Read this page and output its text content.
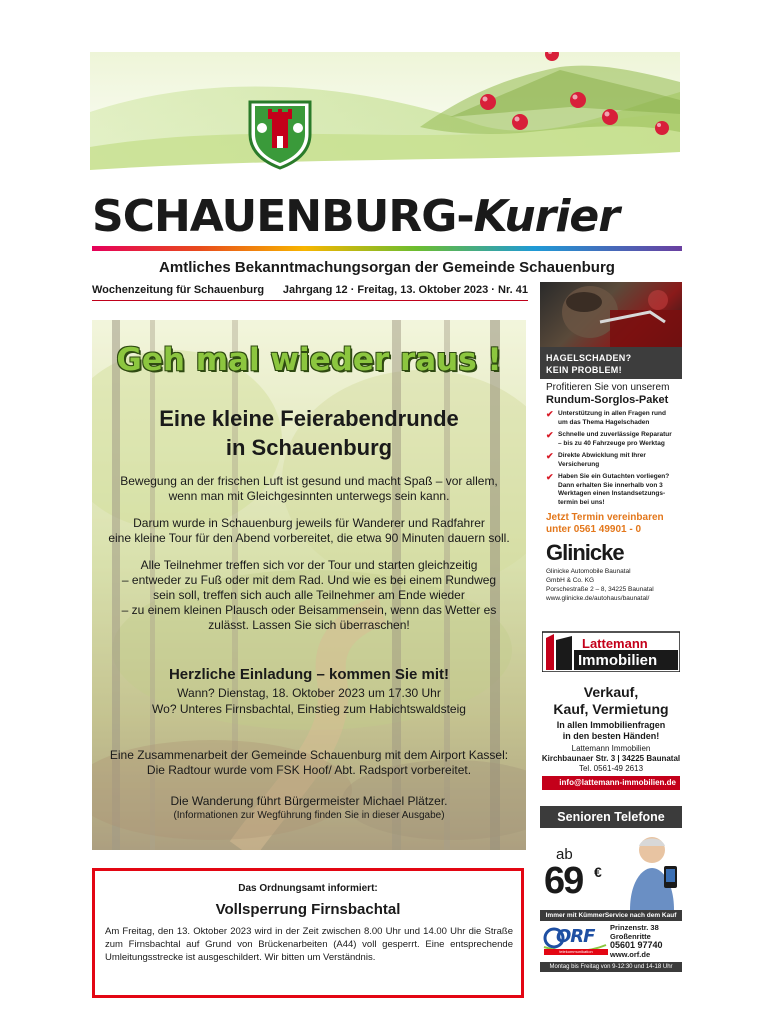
SCHAUENBURG-Kurier
Amtliches Bekanntmachungsorgan der Gemeinde Schauenburg
Wochenzeitung für Schauenburg Jahrgang 12 · Freitag, 13. Oktober 2023 · Nr. 41
Geh mal wieder raus !
Eine kleine Feierabendrunde
in Schauenburg
Bewegung an der frischen Luft ist gesund und macht Spaß – vor allem,
wenn man mit Gleichgesinnten unterwegs sein kann.
Darum wurde in Schauenburg jeweils für Wanderer und Radfahrer
eine kleine Tour für den Abend vorbereitet, die etwa 90 Minuten dauern soll.
Alle Teilnehmer treffen sich vor der Tour und starten gleichzeitig
– entweder zu Fuß oder mit dem Rad. Und wie es bei einem Rundweg
sein soll, treffen sich auch alle Teilnehmer am Ende wieder
– zu einem kleinen Plausch oder Beisammensein, wenn das Wetter es
zulässt. Lassen Sie sich überraschen!
Herzliche Einladung – kommen Sie mit!
Wann? Dienstag, 18. Oktober 2023 um 17.30 Uhr
Wo? Unteres Firnsbachtal, Einstieg zum Habichtswaldsteig
Eine Zusammenarbeit der Gemeinde Schauenburg mit dem Airport Kassel:
Die Radtour wurde vom FSK Hoof/ Abt. Radsport vorbereitet.
Die Wanderung führt Bürgermeister Michael Plätzer.
(Informationen zur Wegführung finden Sie in dieser Ausgabe)
Das Ordnungsamt informiert:
Vollsperrung Firnsbachtal
Am Freitag, den 13. Oktober 2023 wird in der Zeit zwischen 8.00 Uhr und 14.00 Uhr die Straße zum Firnsbachtal auf Grund von Brückenarbeiten (A44) voll gesperrt. Eine entsprechende Umleitungsstrecke ist ausgeschildert. Wir bitten um Verständnis.
HAGELSCHADEN?
KEIN PROBLEM!
Profitieren Sie von unserem
Rundum-Sorglos-Paket
✔ Unterstützung in allen Fragen rund
um das Thema Hagelschaden
✔ Schnelle und zuverlässige Reparatur
– bis zu 40 Fahrzeuge pro Werktag
✔ Direkte Abwicklung mit Ihrer
Versicherung
✔ Haben Sie ein Gutachten vorliegen?
Dann erhalten Sie innerhalb von 3
Werktagen einen Instandsetzungs-
termin bei uns!
Jetzt Termin vereinbaren
unter 0561 49901 - 0
Glinicke
Glinicke Automobile Baunatal
GmbH & Co. KG
Porschestraße 2 – 8, 34225 Baunatal
www.glinicke.de/autohaus/baunatal/
Lattemann
Immobilien
Verkauf,
Kauf, Vermietung
In allen Immobilienfragen
in den besten Händen!
Lattemann Immobilien
Kirchbaunaer Str. 3 | 34225 Baunatal
Tel. 0561-49 2613
info@lattemann-immobilien.de
Senioren Telefone
ab
69 €
Immer mit KümmerService nach dem Kauf
ORF
telekommunikation
Prinzenstr. 38
Großenritte
05601 97740
www.orf.de
Montag bis Freitag von 9-12:30 und 14-18 Uhr
